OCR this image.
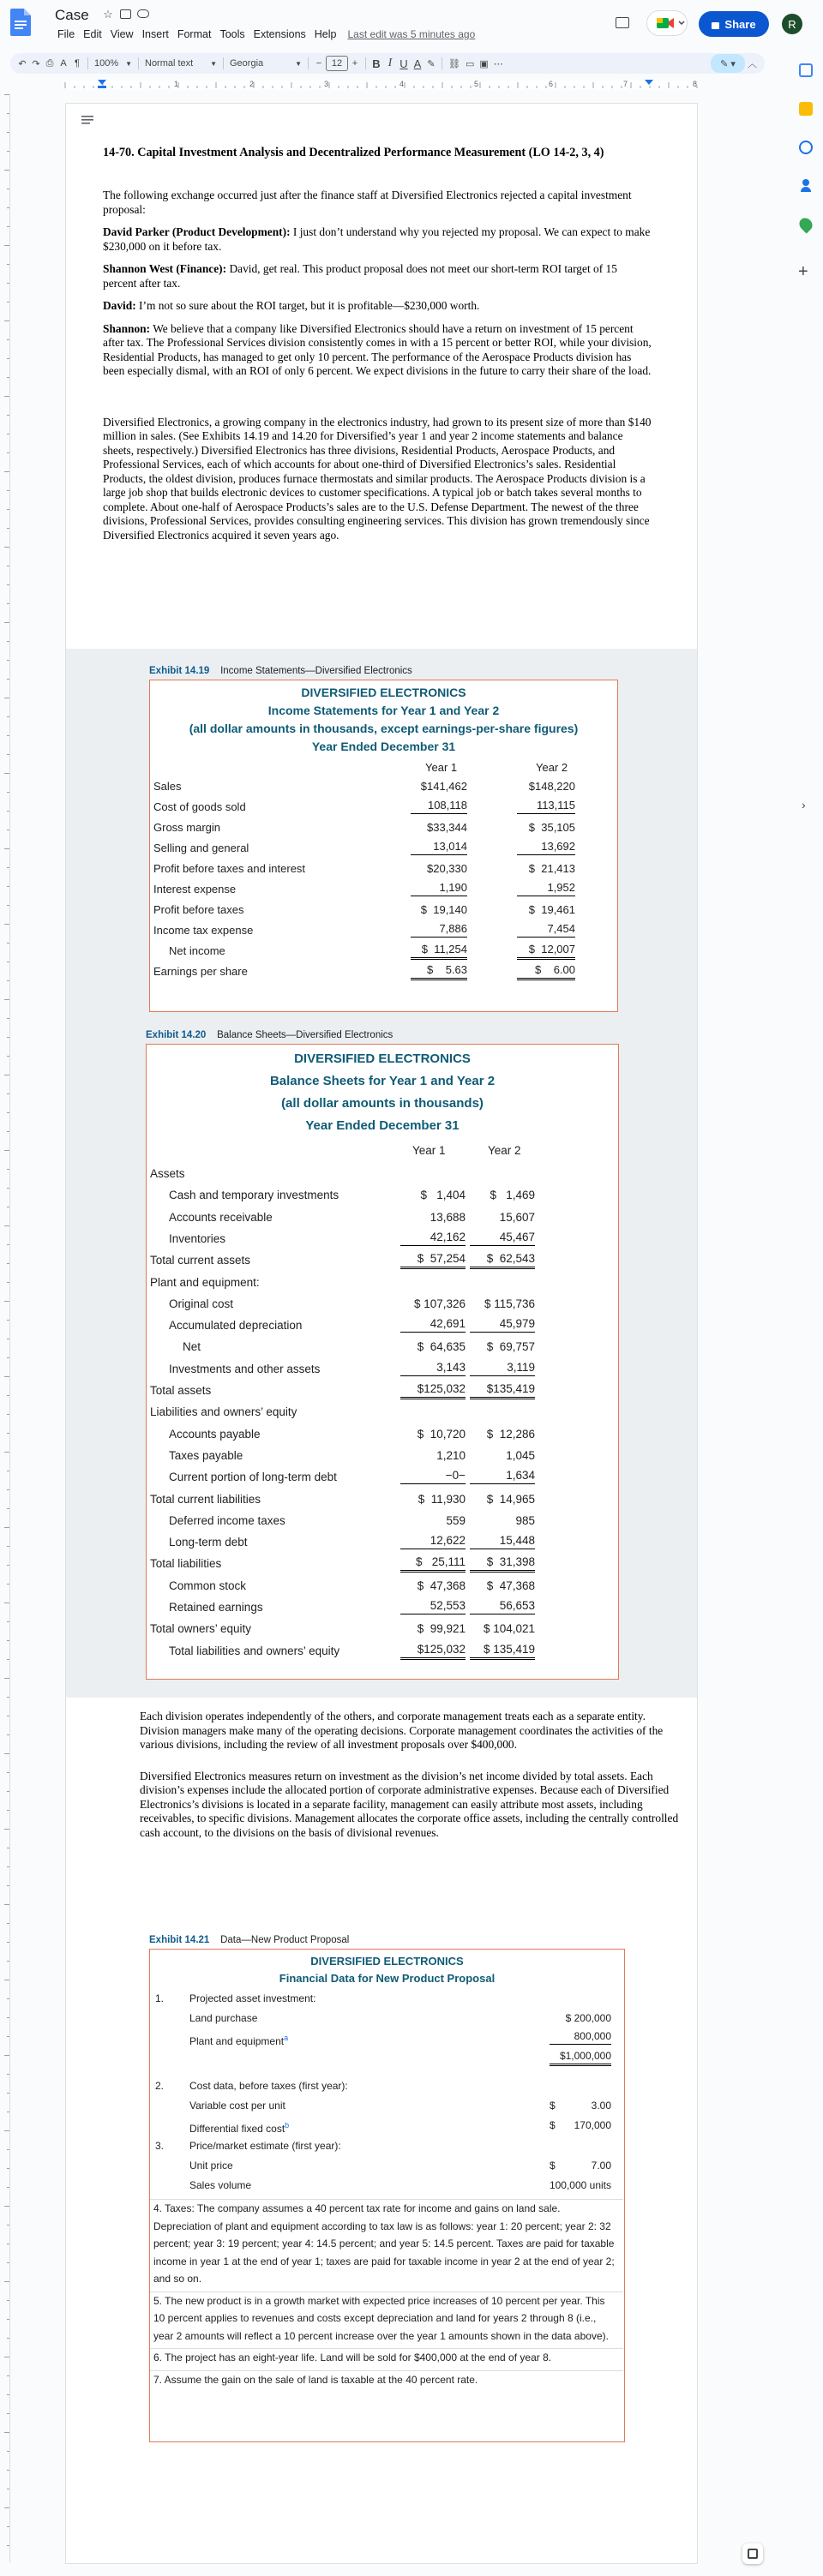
Case ☆
File Edit View Insert Format Tools Extensions Help	Last edit was 5 minutes ago
Share	R
↶ ↷ ⎙ A ¶	100% ▼ Normal text ▼ Georgia	▼	−	12	+	B I U A ✎	⛓ ▭ ▣ ⋯	✎ ▾	︿
1	2	3	4	5	6	7	8
+
›

14-70. Capital Investment Analysis and Decentralized Performance Measurement (LO 14-2, 3, 4)

The following exchange occurred just after the finance staff at Diversified Electronics rejected a capital investment proposal:

David Parker (Product Development): I just don’t understand why you rejected my proposal. We can expect to make $230,000 on it before tax.

Shannon West (Finance): David, get real. This product proposal does not meet our short-term ROI target of 15 percent after tax.

David: I’m not so sure about the ROI target, but it is profitable—$230,000 worth.

Shannon: We believe that a company like Diversified Electronics should have a return on investment of 15 percent after tax. The Professional Services division consistently comes in with a 15 percent or better ROI, while your division, Residential Products, has managed to get only 10 percent. The performance of the Aerospace Products division has been especially dismal, with an ROI of only 6 percent. We expect divisions in the future to carry their share of the load.

Diversified Electronics, a growing company in the electronics industry, had grown to its present size of more than $140 million in sales. (See Exhibits 14.19 and 14.20 for Diversified’s year 1 and year 2 income statements and balance sheets, respectively.) Diversified Electronics has three divisions, Residential Products, Aerospace Products, and Professional Services, each of which accounts for about one-third of Diversified Electronics’s sales. Residential Products, the oldest division, produces furnace thermostats and similar products. The Aerospace Products division is a large job shop that builds electronic devices to customer specifications. A typical job or batch takes several months to complete. About one-half of Aerospace Products’s sales are to the U.S. Defense Department. The newest of the three divisions, Professional Services, provides consulting engineering services. This division has grown tremendously since Diversified Electronics acquired it seven years ago.

Exhibit 14.19 Income Statements—Diversified Electronics
DIVERSIFIED ELECTRONICS
Income Statements for Year 1 and Year 2
(all dollar amounts in thousands, except earnings-per-share figures)
Year Ended December 31
Year 1	Year 2
Sales	$141,462	$148,220
Cost of goods sold	108,118	113,115
Gross margin	$33,344	$  35,105
Selling and general	13,014	13,692
Profit before taxes and interest	$20,330	$  21,413
Interest expense	1,190	1,952
Profit before taxes	$  19,140	$  19,461
Income tax expense	7,886	7,454
Net income	$  11,254	$  12,007
Earnings per share	$    5.63	$    6.00
Exhibit 14.20 Balance Sheets—Diversified Electronics
DIVERSIFIED ELECTRONICS
Balance Sheets for Year 1 and Year 2
(all dollar amounts in thousands)
Year Ended December 31
Year 1	Year 2
Assets
Cash and temporary investments	$   1,404	$   1,469
Accounts receivable	13,688	15,607
Inventories	42,162	45,467
Total current assets	$  57,254	$  62,543
Plant and equipment:
Original cost	$ 107,326	$ 115,736
Accumulated depreciation	42,691	45,979
Net	$  64,635	$  69,757
Investments and other assets	3,143	3,119
Total assets	$125,032	$135,419
Liabilities and owners’ equity
Accounts payable	$  10,720	$  12,286
Taxes payable	1,210	1,045
Current portion of long-term debt	−0−	1,634
Total current liabilities	$  11,930	$  14,965
Deferred income taxes	559	985
Long-term debt	12,622	15,448
Total liabilities	$   25,111	$  31,398
Common stock	$  47,368	$  47,368
Retained earnings	52,553	56,653
Total owners’ equity	$  99,921	$ 104,021
Total liabilities and owners’ equity	$125,032	$ 135,419

Each division operates independently of the others, and corporate management treats each as a separate entity. Division managers make many of the operating decisions. Corporate management coordinates the activities of the various divisions, including the review of all investment proposals over $400,000.

Diversified Electronics measures return on investment as the division’s net income divided by total assets. Each division’s expenses include the allocated portion of corporate administrative expenses. Because each of Diversified Electronics’s divisions is located in a separate facility, management can easily attribute most assets, including receivables, to specific divisions. Management allocates the corporate office assets, including the centrally controlled cash account, to the divisions on the basis of divisional revenues.

Exhibit 14.21 Data—New Product Proposal
DIVERSIFIED ELECTRONICS
Financial Data for New Product Proposal
1. Projected asset investment:
Land purchase	$ 200,000
Plant and equipment$^a$	800,000
$1,000,000
2. Cost data, before taxes (first year):
Variable cost per unit	$	3.00
Differential fixed cost$^b$	$ 170,000
3. Price/market estimate (first year):
Unit price	$	7.00
Sales volume	100,000 units

4. Taxes: The company assumes a 40 percent tax rate for income and gains on land sale. Depreciation of plant and equipment according to tax law is as follows: year 1: 20 percent; year 2: 32 percent; year 3: 19 percent; year 4: 14.5 percent; and year 5: 14.5 percent. Taxes are paid for taxable income in year 1 at the end of year 1; taxes are paid for taxable income in year 2 at the end of year 2; and so on.

5. The new product is in a growth market with expected price increases of 10 percent per year. This 10 percent applies to revenues and costs except depreciation and land for years 2 through 8 (i.e., year 2 amounts will reflect a 10 percent increase over the year 1 amounts shown in the data above).

6. The project has an eight-year life. Land will be sold for $400,000 at the end of year 8.

7. Assume the gain on the sale of land is taxable at the 40 percent rate.
